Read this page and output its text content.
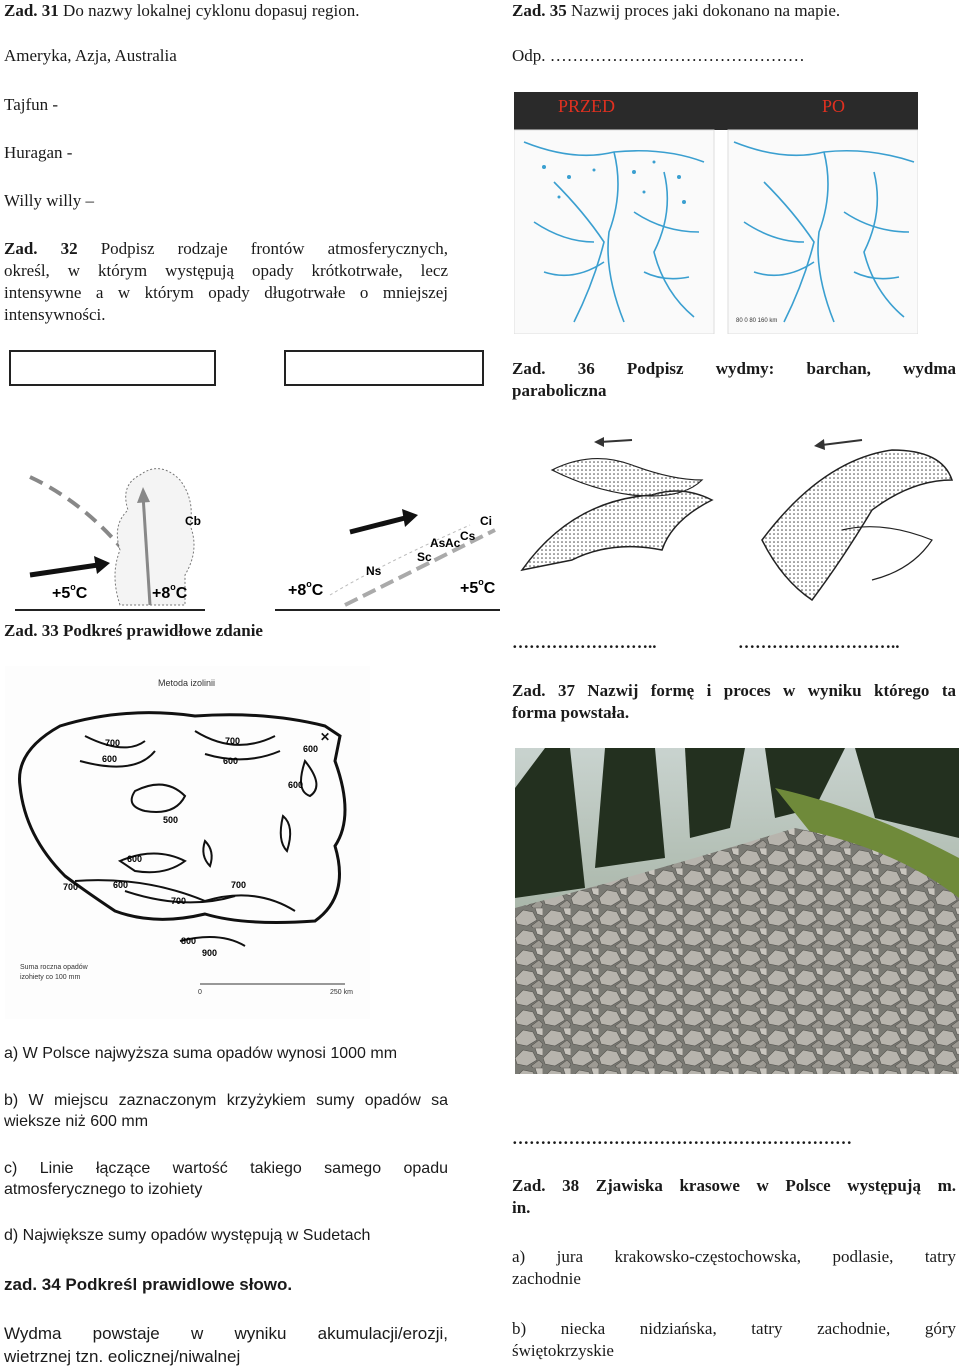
Zad. 31 Do nazwy lokalnej cyklonu dopasuj region.
Ameryka, Azja, Australia
Tajfun -
Huragan -
Willy willy –
Zad. 32 Podpisz rodzaje frontów atmosferycznych,
określ, w którym występują opady krótkotrwałe, lecz
intensywne a w którym opady długotrwałe o mniejszej
intensywności.
Cb
$+5^oC$	$+8^oC$
Ci
Cs
As Ac
Sc
Ns
$+8^oC$	$+5^oC$
Zad. 33 Podkreś prawidłowe zdanie
Metoda izolinii
✕
700
600
700
600
600
600
500
600
700	600
700
700
800
900
Suma roczna opadów
izohiety co 100 mm
0	250 km
a) W Polsce najwyższa suma opadów wynosi 1000 mm
b) W miejscu zaznaczonym krzyżykiem sumy opadów sa
wieksze niż 600 mm
c) Linie łączące wartość takiego samego opadu
atmosferycznego to izohiety
d) Największe sumy opadów występują w Sudetach
zad. 34 Podkreśl prawidlowe słowo.
Wydma powstaje w wyniku akumulacji/erozji,
wietrznej tzn. eolicznej/niwalnej
Zad. 35 Nazwij proces jaki dokonano na mapie.
Odp. ………………………………………
PRZED	PO
80 0 80 160 km
Zad. 36 Podpisz wydmy: barchan, wydma
paraboliczna
……………………..	………………………..
Zad. 37 Nazwij formę i proces w wyniku którego ta
forma powstała.
……………………………………………………
Zad. 38 Zjawiska krasowe w Polsce występują m.
in.
a) jura krakowsko-częstochowska, podlasie, tatry
zachodnie
b) niecka nidziańska, tatry zachodnie, góry
świętokrzyskie
